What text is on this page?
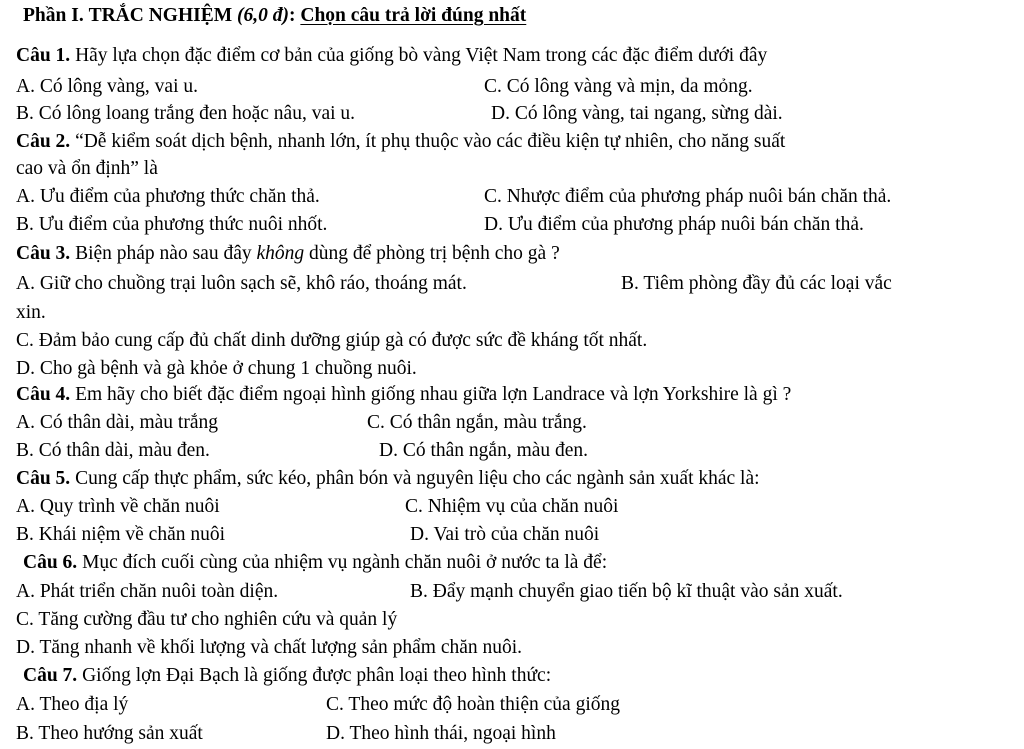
Phần I. TRẮC NGHIỆM (6,0 đ): Chọn câu trả lời đúng nhất
Câu 1. Hãy lựa chọn đặc điểm cơ bản của giống bò vàng Việt Nam trong các đặc điểm dưới đây
A. Có lông vàng, vai u.	C. Có lông vàng và mịn, da mỏng.
B. Có lông loang trắng đen hoặc nâu, vai u.	D. Có lông vàng, tai ngang, sừng dài.
Câu 2. “Dễ kiểm soát dịch bệnh, nhanh lớn, ít phụ thuộc vào các điều kiện tự nhiên, cho năng suất
cao và ổn định” là
A. Ưu điểm của phương thức chăn thả.	C. Nhược điểm của phương pháp nuôi bán chăn thả.
B. Ưu điểm của phương thức nuôi nhốt.	D. Ưu điểm của phương pháp nuôi bán chăn thả.
Câu 3. Biện pháp nào sau đây không dùng để phòng trị bệnh cho gà ?
A. Giữ cho chuồng trại luôn sạch sẽ, khô ráo, thoáng mát.	B. Tiêm phòng đầy đủ các loại vắc
xin.
C. Đảm bảo cung cấp đủ chất dinh dưỡng giúp gà có được sức đề kháng tốt nhất.
D. Cho gà bệnh và gà khỏe ở chung 1 chuồng nuôi.
Câu 4. Em hãy cho biết đặc điểm ngoại hình giống nhau giữa lợn Landrace và lợn Yorkshire là gì ?
A. Có thân dài, màu trắng	C. Có thân ngắn, màu trắng.
B. Có thân dài, màu đen.	D. Có thân ngắn, màu đen.
Câu 5. Cung cấp thực phẩm, sức kéo, phân bón và nguyên liệu cho các ngành sản xuất khác là:
A. Quy trình về chăn nuôi	C. Nhiệm vụ của chăn nuôi
B. Khái niệm về chăn nuôi	D. Vai trò của chăn nuôi
Câu 6. Mục đích cuối cùng của nhiệm vụ ngành chăn nuôi ở nước ta là để:
A. Phát triển chăn nuôi toàn diện.	B. Đẩy mạnh chuyển giao tiến bộ kĩ thuật vào sản xuất.
C. Tăng cường đầu tư cho nghiên cứu và quản lý
D. Tăng nhanh về khối lượng và chất lượng sản phẩm chăn nuôi.
Câu 7. Giống lợn Đại Bạch là giống được phân loại theo hình thức:
A. Theo địa lý	C. Theo mức độ hoàn thiện của giống
B. Theo hướng sản xuất	D. Theo hình thái, ngoại hình
